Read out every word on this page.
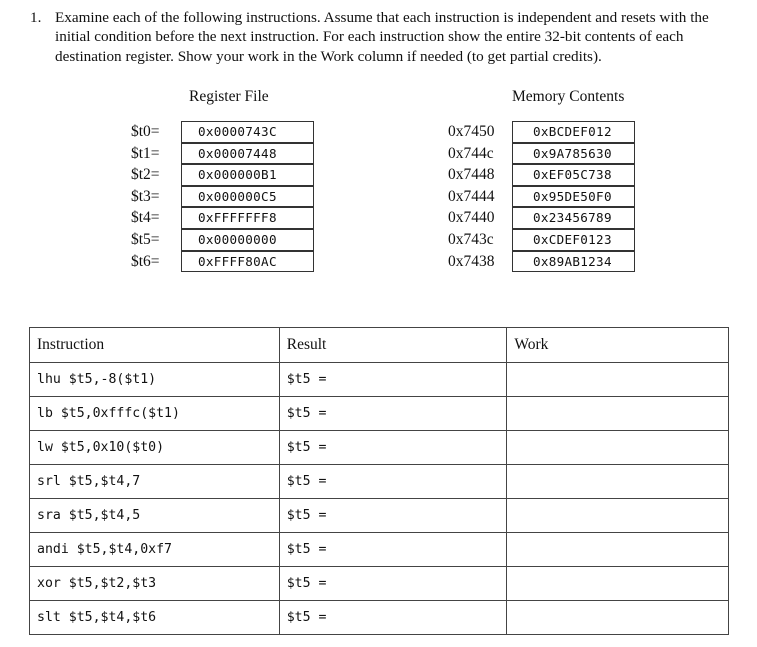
1. Examine each of the following instructions. Assume that each instruction is independent and resets with the initial condition before the next instruction. For each instruction show the entire 32-bit contents of each destination register. Show your work in the Work column if needed (to get partial credits).
Register File	Memory Contents
$t0=	0x0000743C
$t1=	0x00007448
$t2=	0x000000B1
$t3=	0x000000C5
$t4=	0xFFFFFFF8
$t5=	0x00000000
$t6=	0xFFFF80AC
0x7450	0xBCDEF012
0x744c	0x9A785630
0x7448	0xEF05C738
0x7444	0x95DE50F0
0x7440	0x23456789
0x743c	0xCDEF0123
0x7438	0x89AB1234
Instruction	Result	Work
lhu $t5,-8($t1)	$t5 =	
lb $t5,0xfffc($t1)	$t5 =	
lw $t5,0x10($t0)	$t5 =	
srl $t5,$t4,7	$t5 =	
sra $t5,$t4,5	$t5 =	
andi $t5,$t4,0xf7	$t5 =	
xor $t5,$t2,$t3	$t5 =	
slt $t5,$t4,$t6	$t5 =	
